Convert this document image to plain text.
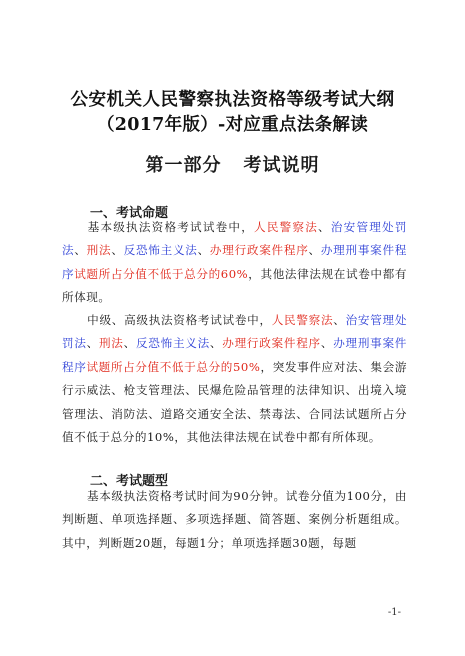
公安机关人民警察执法资格等级考试大纲
（2017年版）-对应重点法条解读
第一部分 考试说明
一、考试命题

基本级执法资格考试试卷中，人民警察法、治安管理处罚法、刑法、反恐怖主义法、办理行政案件程序、办理刑事案件程序试题所占分值不低于总分的60%，其他法律法规在试卷中都有所体现。

中级、高级执法资格考试试卷中，人民警察法、治安管理处罚法、刑法、反恐怖主义法、办理行政案件程序、办理刑事案件程序试题所占分值不低于总分的50%，突发事件应对法、集会游行示威法、枪支管理法、民爆危险品管理的法律知识、出境入境管理法、消防法、道路交通安全法、禁毒法、合同法试题所占分值不低于总分的10%，其他法律法规在试卷中都有所体现。

二、考试题型

基本级执法资格考试时间为90分钟。试卷分值为100分，由判断题、单项选择题、多项选择题、简答题、案例分析题组成。其中，判断题20题，每题1分；单项选择题30题，每题

-1-
